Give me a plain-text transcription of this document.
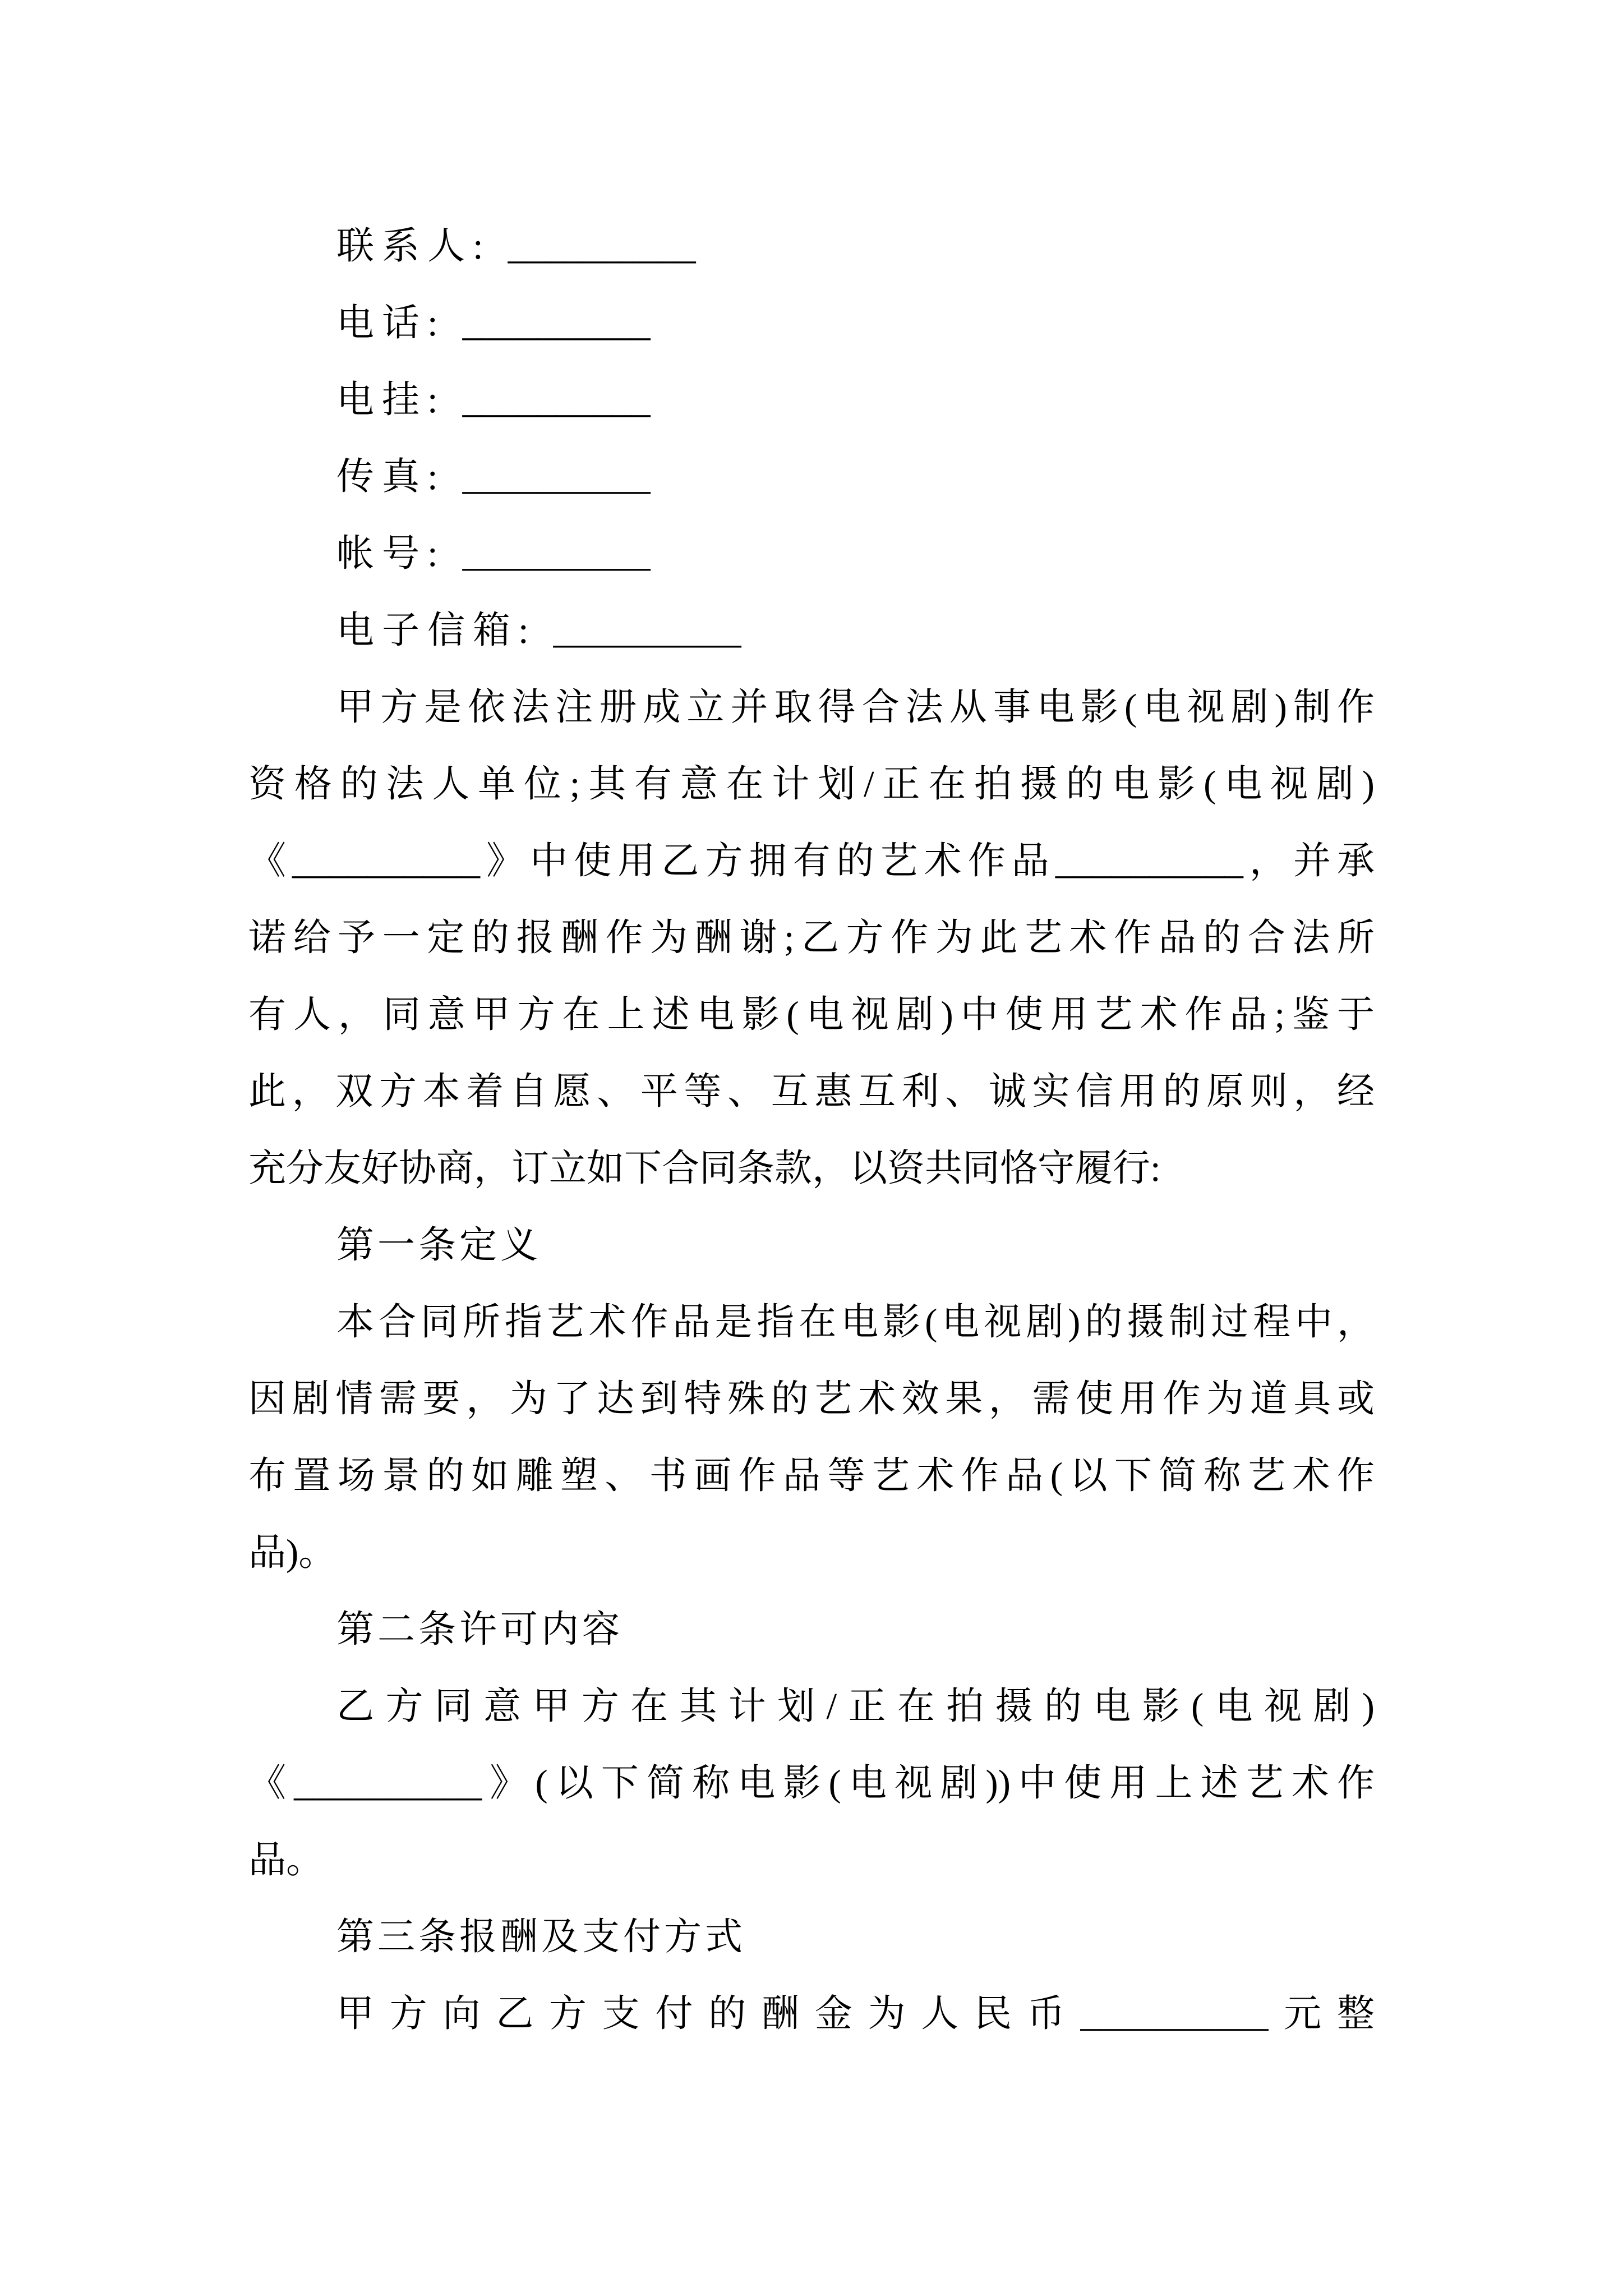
联系人: __________
电话: __________
电挂: __________
传真: __________
帐号: __________
电子信箱: __________
甲方是依法注册成立并取得合法从事电影(电视剧)制作
资格的法人单位;其有意在计划/正在拍摄的电影(电视剧)
《__________》中使用乙方拥有的艺术作品__________，并承
诺给予一定的报酬作为酬谢;乙方作为此艺术作品的合法所
有人，同意甲方在上述电影(电视剧)中使用艺术作品;鉴于
此，双方本着自愿、平等、互惠互利、诚实信用的原则，经
充分友好协商，订立如下合同条款，以资共同恪守履行:
第一条定义
本合同所指艺术作品是指在电影(电视剧)的摄制过程中，
因剧情需要，为了达到特殊的艺术效果，需使用作为道具或
布置场景的如雕塑、书画作品等艺术作品(以下简称艺术作
品)。
第二条许可内容
乙方同意甲方在其计划/正在拍摄的电影(电视剧)
《__________》(以下简称电影(电视剧))中使用上述艺术作
品。
第三条报酬及支付方式
甲方向乙方支付的酬金为人民币__________元整
